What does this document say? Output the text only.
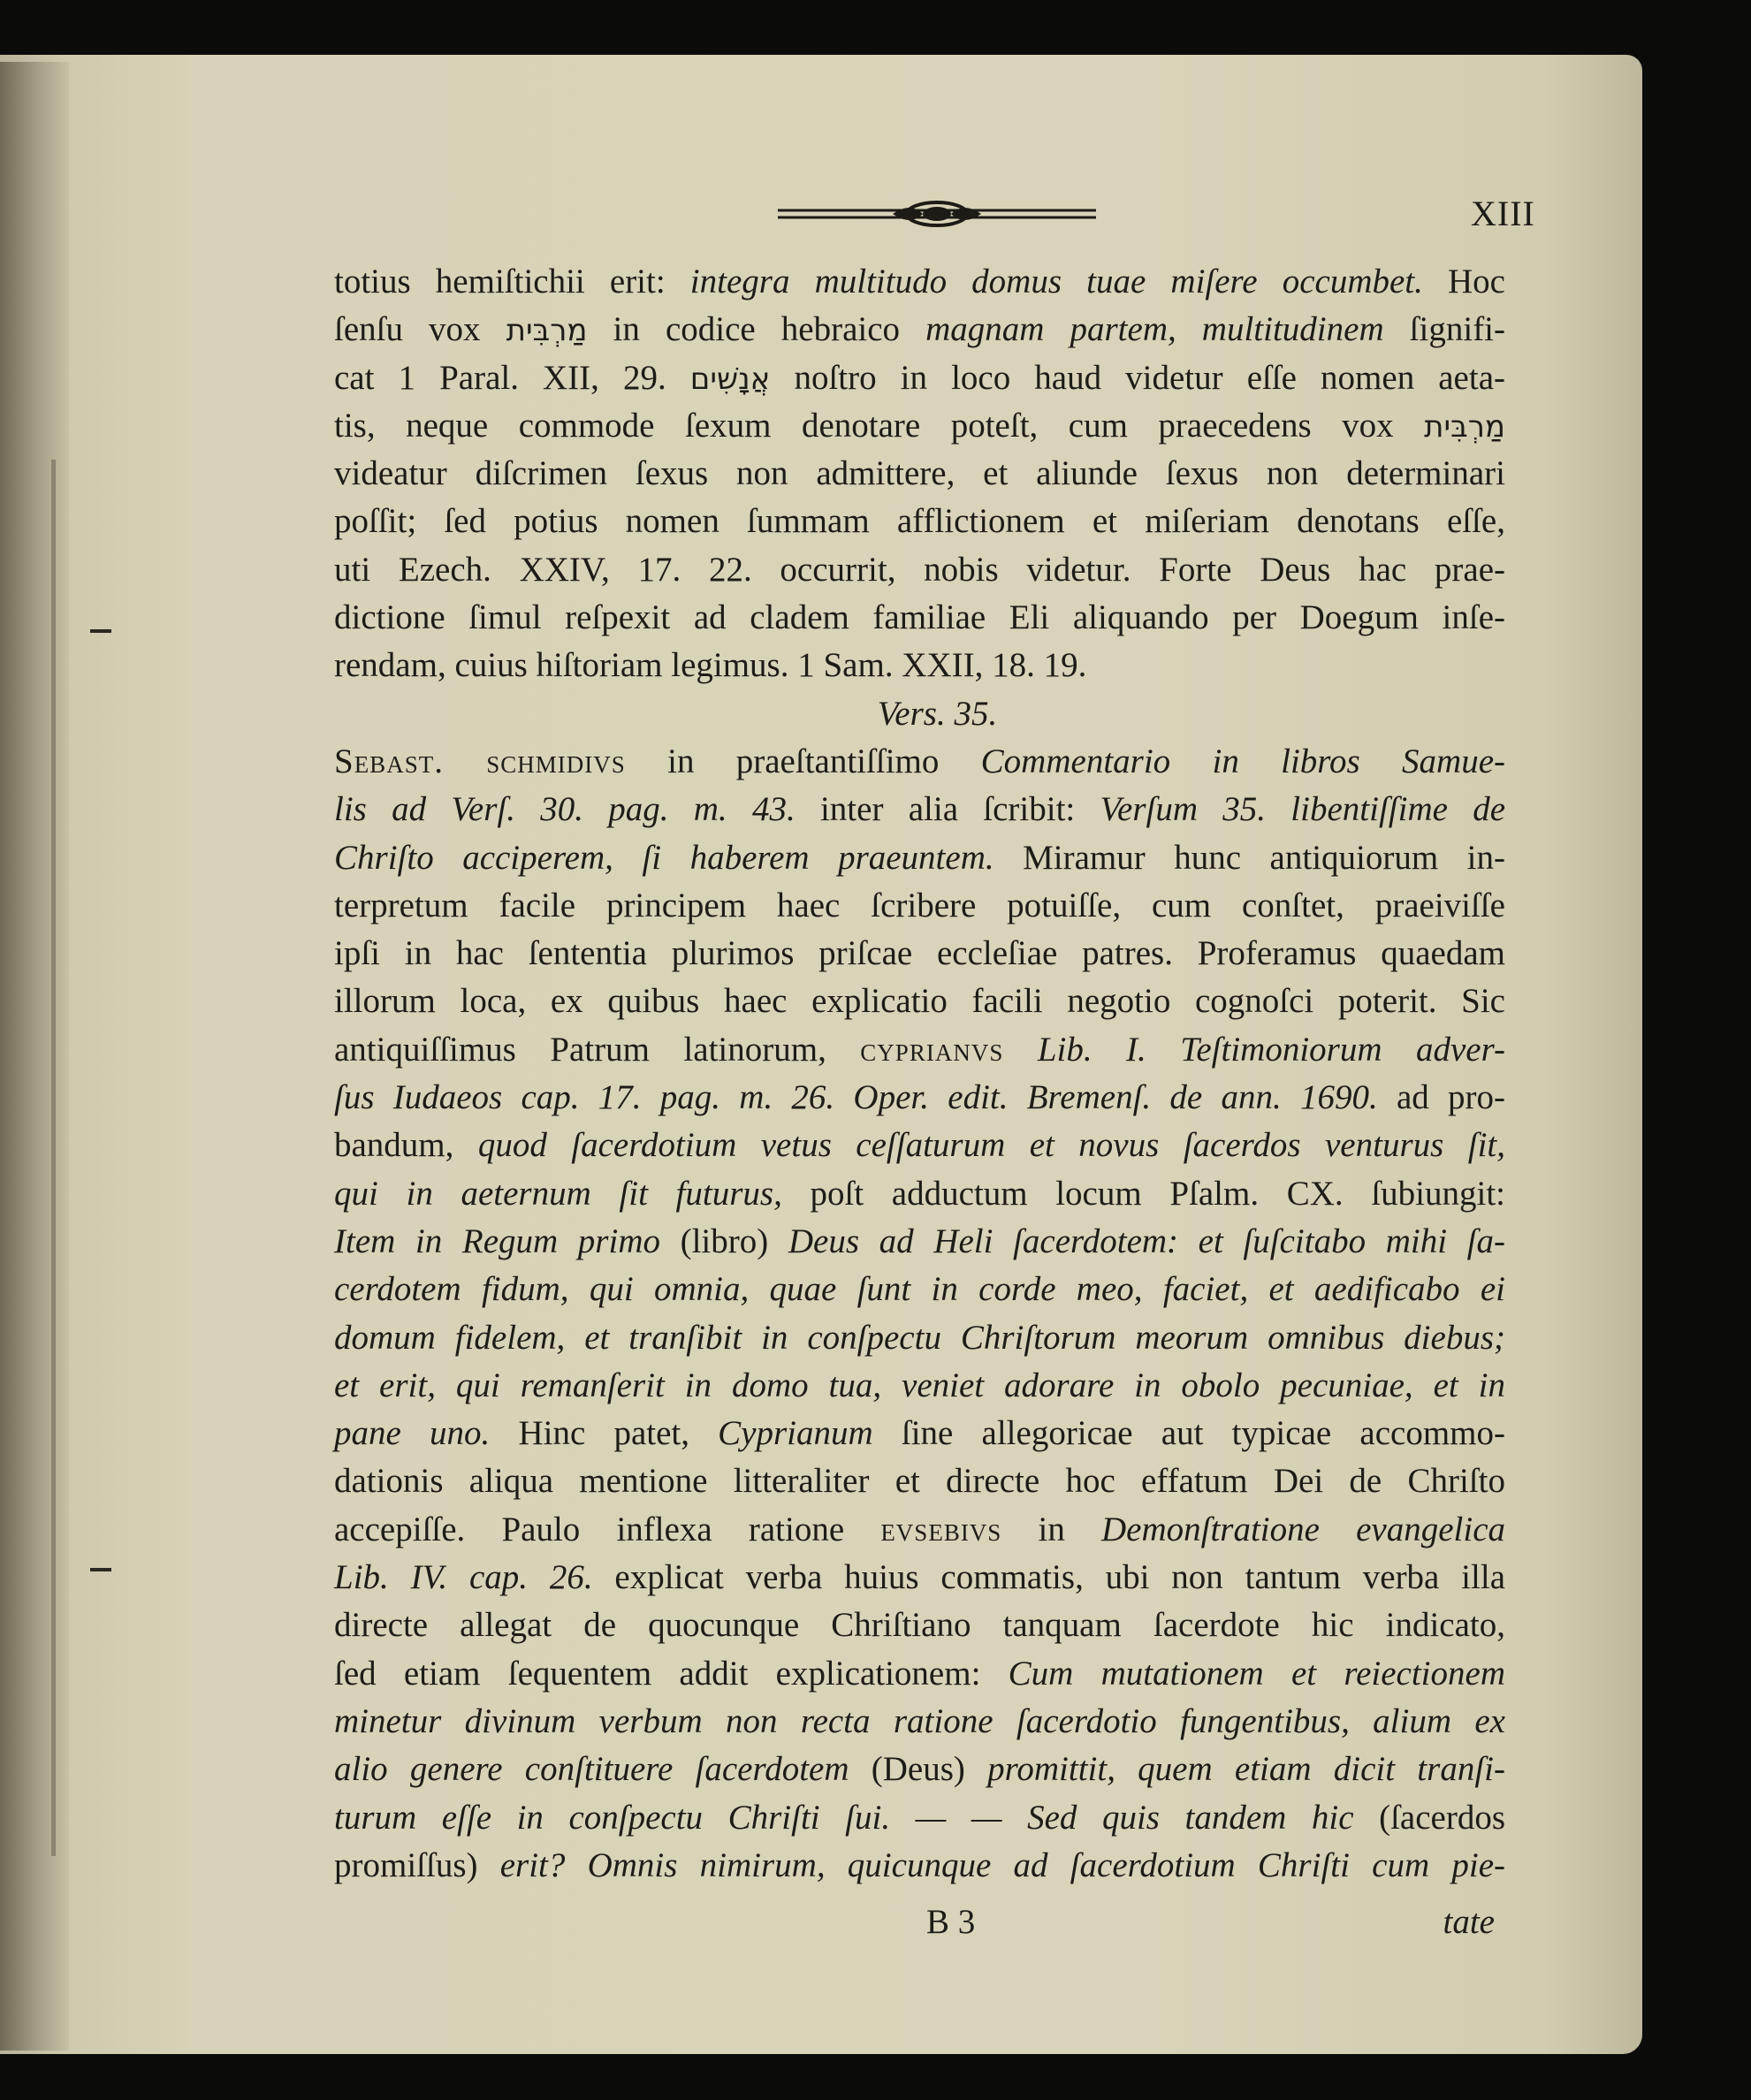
XIII
totius hemiſtichii erit: integra multitudo domus tuae miſere occumbet. Hoc
ſenſu vox מַרְבִּית in codice hebraico magnam partem, multitudinem ſignifi-
cat 1 Paral. XII, 29. אֲנָשִׁים noſtro in loco haud videtur eſſe nomen aeta-
tis, neque commode ſexum denotare poteſt, cum praecedens vox מַרְבִּית
videatur diſcrimen ſexus non admittere, et aliunde ſexus non determinari
poſſit; ſed potius nomen ſummam afflictionem et miſeriam denotans eſſe,
uti Ezech. XXIV, 17. 22. occurrit, nobis videtur. Forte Deus hac prae-
dictione ſimul reſpexit ad cladem familiae Eli aliquando per Doegum inſe-
rendam, cuius hiſtoriam legimus. 1 Sam. XXII, 18. 19.
Vers. 35.
Sebast. schmidivs in praeſtantiſſimo Commentario in libros Samue-
lis ad Verſ. 30. pag. m. 43. inter alia ſcribit: Verſum 35. libentiſſime de
Chriſto acciperem, ſi haberem praeuntem. Miramur hunc antiquiorum in-
terpretum facile principem haec ſcribere potuiſſe, cum conſtet, praeiviſſe
ipſi in hac ſententia plurimos priſcae eccleſiae patres. Proferamus quaedam
illorum loca, ex quibus haec explicatio facili negotio cognoſci poterit. Sic
antiquiſſimus Patrum latinorum, cyprianvs Lib. I. Teſtimoniorum adver-
ſus Iudaeos cap. 17. pag. m. 26. Oper. edit. Bremenſ. de ann. 1690. ad pro-
bandum, quod ſacerdotium vetus ceſſaturum et novus ſacerdos venturus ſit,
qui in aeternum ſit futurus, poſt adductum locum Pſalm. CX. ſubiungit:
Item in Regum primo (libro) Deus ad Heli ſacerdotem: et ſuſcitabo mihi ſa-
cerdotem fidum, qui omnia, quae ſunt in corde meo, faciet, et aedificabo ei
domum fidelem, et tranſibit in conſpectu Chriſtorum meorum omnibus diebus;
et erit, qui remanſerit in domo tua, veniet adorare in obolo pecuniae, et in
pane uno. Hinc patet, Cyprianum ſine allegoricae aut typicae accommo-
dationis aliqua mentione litteraliter et directe hoc effatum Dei de Chriſto
accepiſſe. Paulo inflexa ratione evsebivs in Demonſtratione evangelica
Lib. IV. cap. 26. explicat verba huius commatis, ubi non tantum verba illa
directe allegat de quocunque Chriſtiano tanquam ſacerdote hic indicato,
ſed etiam ſequentem addit explicationem: Cum mutationem et reiectionem
minetur divinum verbum non recta ratione ſacerdotio fungentibus, alium ex
alio genere conſtituere ſacerdotem (Deus) promittit, quem etiam dicit tranſi-
turum eſſe in conſpectu Chriſti ſui. — — Sed quis tandem hic (ſacerdos
promiſſus) erit? Omnis nimirum, quicunque ad ſacerdotium Chriſti cum pie-
B 3	tate
